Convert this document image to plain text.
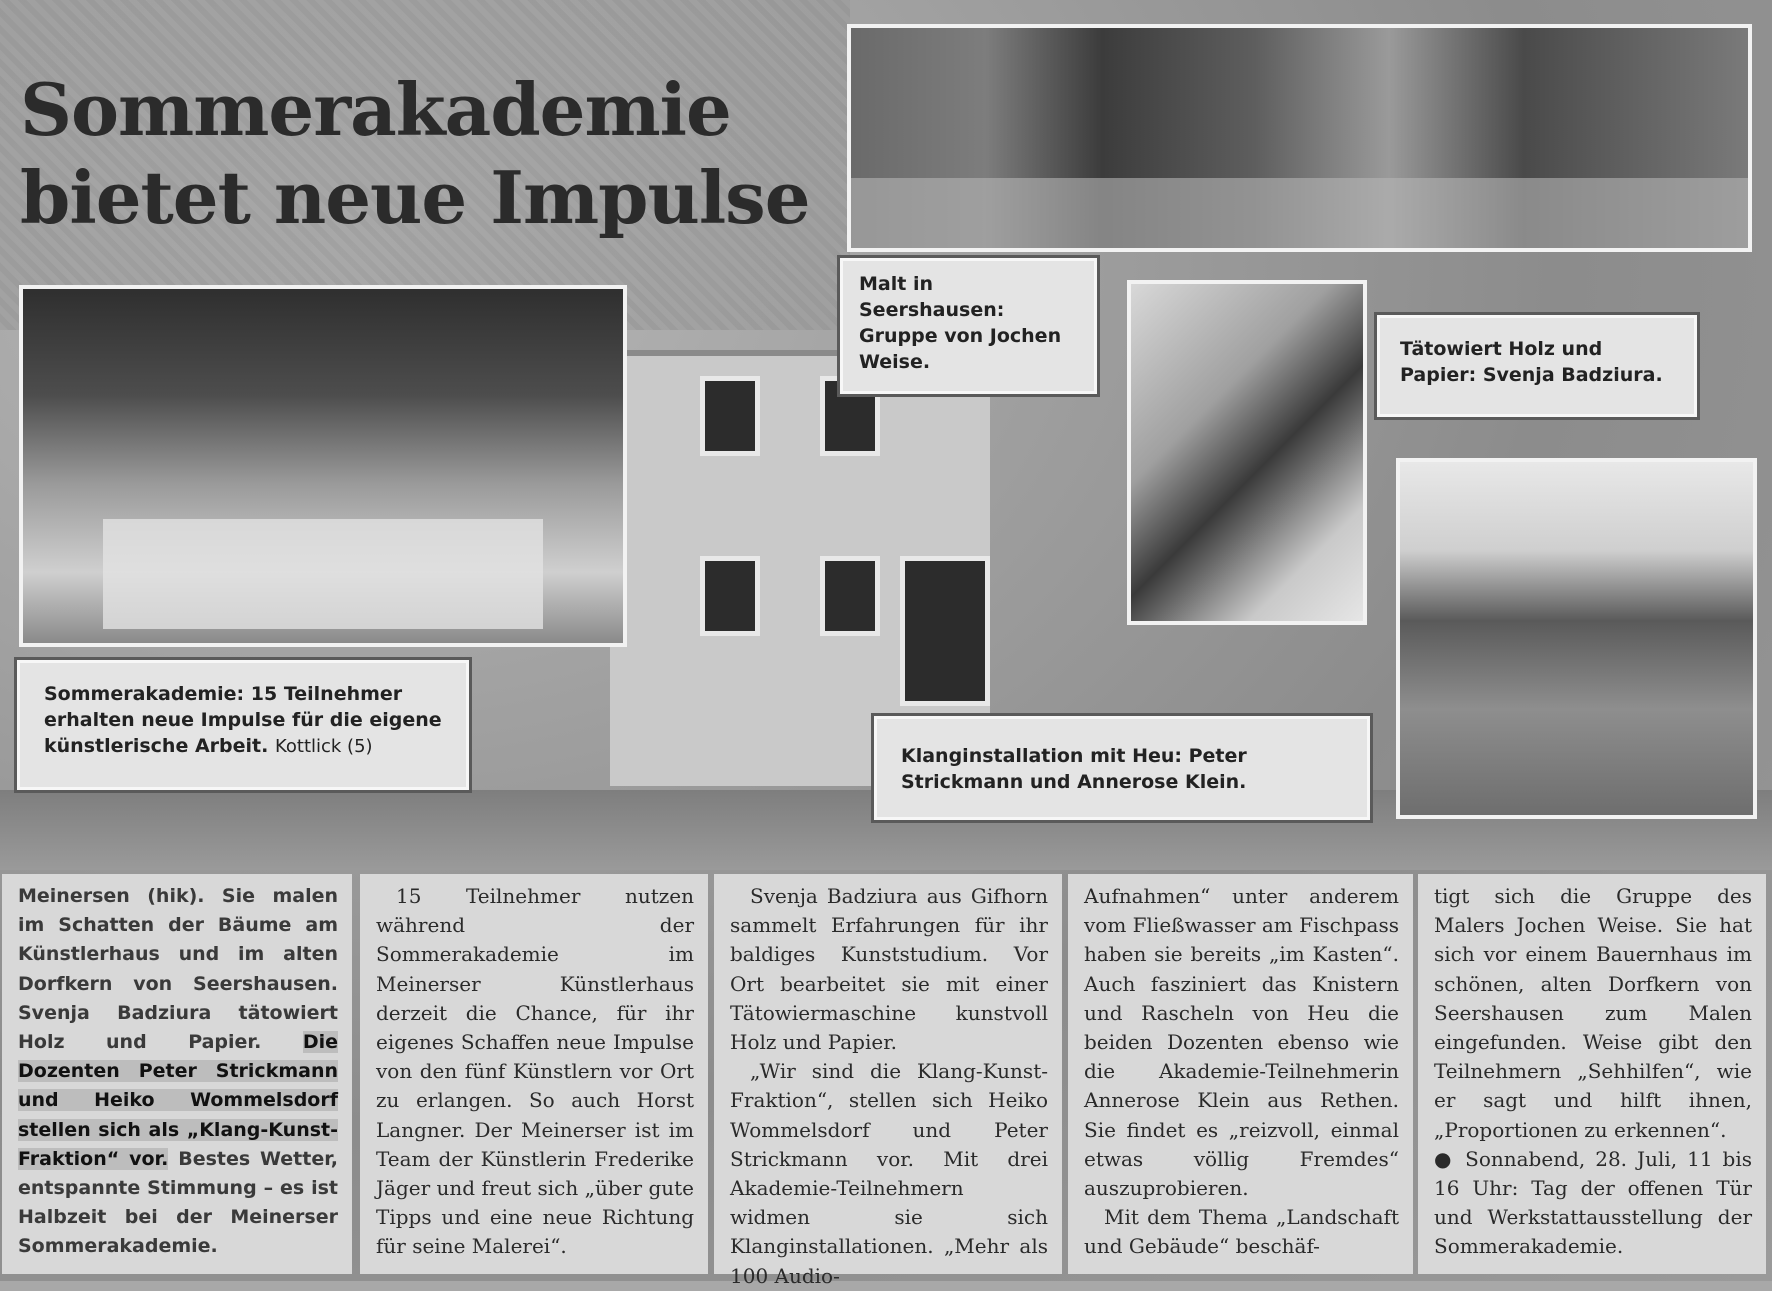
Sommerakademie
bietet neue Impulse
Malt in Seershausen: Gruppe von Jochen Weise.
Tätowiert Holz und Papier: Svenja Badziura.
Sommerakademie: 15 Teilnehmer erhalten neue Impulse für die eigene künstlerische Arbeit. Kottlick (5)	Klanginstallation mit Heu: Peter Strickmann und Annerose Klein.

Meinersen (hik). Sie malen im Schatten der Bäume am Künstlerhaus und im alten Dorfkern von Seershausen. Svenja Badziura tätowiert Holz und Papier. Die Dozenten Peter Strickmann und Heiko Wommelsdorf stellen sich als „Klang-Kunst-Fraktion“ vor. Bestes Wetter, entspannte Stimmung – es ist Halbzeit bei der Meinerser Sommerakademie.

15 Teilnehmer nutzen während der Sommerakademie im Meinerser Künstlerhaus derzeit die Chance, für ihr eigenes Schaffen neue Impulse von den fünf Künstlern vor Ort zu erlangen. So auch Horst Langner. Der Meinerser ist im Team der Künstlerin Frederike Jäger und freut sich „über gute Tipps und eine neue Richtung für seine Malerei“.

Svenja Badziura aus Gifhorn sammelt Erfahrungen für ihr baldiges Kunststudium. Vor Ort bearbeitet sie mit einer Tätowiermaschine kunstvoll Holz und Papier.

„Wir sind die Klang-Kunst-Fraktion“, stellen sich Heiko Wommelsdorf und Peter Strickmann vor. Mit drei Akademie-Teilnehmern widmen sie sich Klanginstallationen. „Mehr als 100 Audio-

Aufnahmen“ unter anderem vom Fließwasser am Fischpass haben sie bereits „im Kasten“. Auch fasziniert das Knistern und Rascheln von Heu die beiden Dozenten ebenso wie die Akademie-Teilnehmerin Annerose Klein aus Rethen. Sie findet es „reizvoll, einmal etwas völlig Fremdes“ auszuprobieren.

Mit dem Thema „Landschaft und Gebäude“ beschäf-

tigt sich die Gruppe des Malers Jochen Weise. Sie hat sich vor einem Bauernhaus im schönen, alten Dorfkern von Seershausen zum Malen eingefunden. Weise gibt den Teilnehmern „Sehhilfen“, wie er sagt und hilft ihnen, „Proportionen zu erkennen“.

● Sonnabend, 28. Juli, 11 bis 16 Uhr: Tag der offenen Tür und Werkstattausstellung der Sommerakademie.
